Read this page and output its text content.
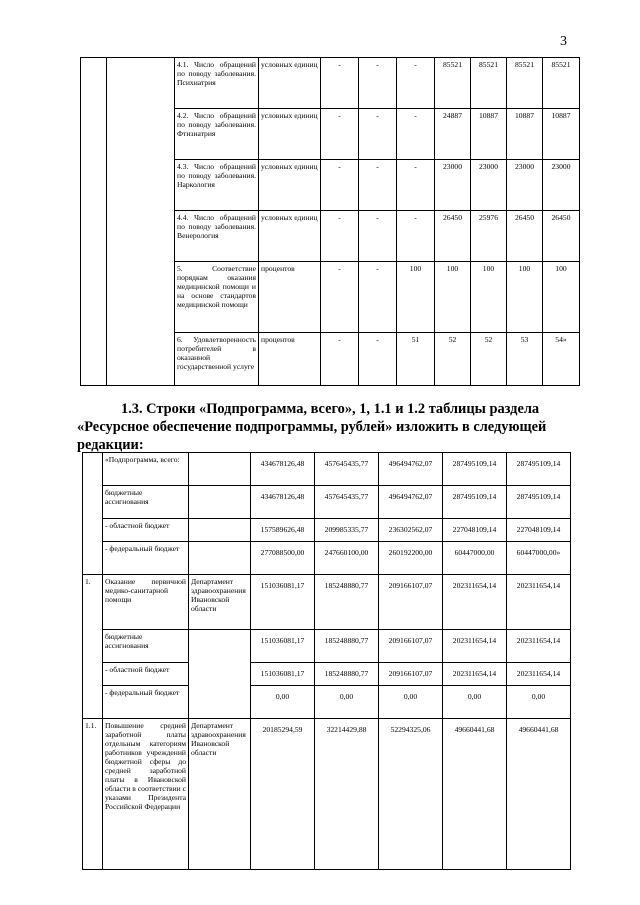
3
		4.1. Число обращений по поводу заболевания. Психиатрия	условных единиц	-	-	-	85521	85521	85521	85521
		4.2. Число обращений по поводу заболевания. Фтизиатрия	условных единиц	-	-	-	24887	10887	10887	10887
		4.3. Число обращений по поводу заболевания. Наркология	условных единиц	-	-	-	23000	23000	23000	23000
		4.4. Число обращений по поводу заболевания. Венерология	условных единиц	-	-	-	26450	25976	26450	26450
		5. Соответствие порядкам оказания медицинской помощи и на основе стандартов медицинской помощи	процентов	-	-	100	100	100	100	100
		6. Удовлетворенность потребителей в оказанной государственной услуге	процентов	-	-	51	52	52	53	54»
1.3. Строки «Подпрограмма, всего», 1, 1.1 и 1.2 таблицы раздела
«Ресурсное обеспечение подпрограммы, рублей» изложить в следующей
редакции:
	«Подпрограмма, всего:		434678126,48	457645435,77	496494762,07	287495109,14	287495109,14
	бюджетные ассигнования		434678126,48	457645435,77	496494762,07	287495109,14	287495109,14
	- областной бюджет		157589626,48	209985335,77	236302562,07	227048109,14	227048109,14
	- федеральный бюджет		277088500,00	247660100,00	260192200,00	60447000,00	60447000,00»
1.	Оказание первичной медико-санитарной помощи	Департамент здравоохранения Ивановской области	151036081,17	185248880,77	209166107,07	202311654,14	202311654,14
	бюджетные ассигнования		151036081,17	185248880,77	209166107,07	202311654,14	202311654,14
	- областной бюджет		151036081,17	185248880,77	209166107,07	202311654,14	202311654,14
	- федеральный бюджет		0,00	0,00	0,00	0,00	0,00
1.1.	Повышение средней заработной платы отдельным категориям работников учреждений бюджетной сферы до средней заработной платы в Ивановской области в соответствии с указами Президента Российской Федерации	Департамент здравоохранения Ивановской области	20185294,59	32214429,88	52294325,06	49660441,68	49660441,68
